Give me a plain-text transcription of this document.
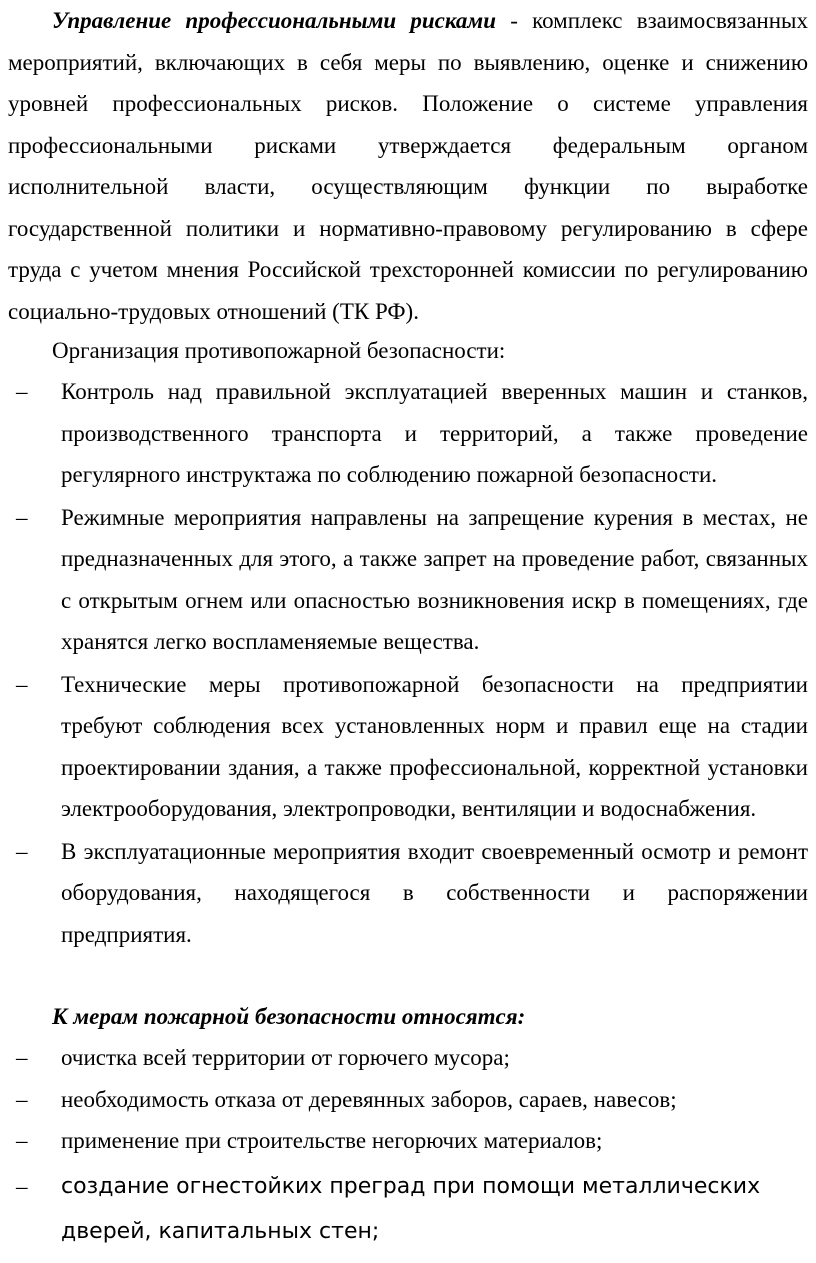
Управление профессиональными рисками - комплекс взаимосвязанных мероприятий, включающих в себя меры по выявлению, оценке и снижению уровней профессиональных рисков. Положение о системе управления профессиональными рисками утверждается федеральным органом исполнительной власти, осуществляющим функции по выработке государственной политики и нормативно-правовому регулированию в сфере труда с учетом мнения Российской трехсторонней комиссии по регулированию социально-трудовых отношений (ТК РФ).

Организация противопожарной безопасности:

– Контроль над правильной эксплуатацией вверенных машин и станков, производственного транспорта и территорий, а также проведение регулярного инструктажа по соблюдению пожарной безопасности.
– Режимные мероприятия направлены на запрещение курения в местах, не предназначенных для этого, а также запрет на проведение работ, связанных с открытым огнем или опасностью возникновения искр в помещениях, где хранятся легко воспламеняемые вещества.
– Технические меры противопожарной безопасности на предприятии требуют соблюдения всех установленных норм и правил еще на стадии проектировании здания, а также профессиональной, корректной установки электрооборудования, электропроводки, вентиляции и водоснабжения.
– В эксплуатационные мероприятия входит своевременный осмотр и ремонт оборудования, находящегося в собственности и распоряжении предприятия.

К мерам пожарной безопасности относятся:

– очистка всей территории от горючего мусора;
– необходимость отказа от деревянных заборов, сараев, навесов;
– применение при строительстве негорючих материалов;
– создание огнестойких преград при помощи металлических дверей, капитальных стен;
